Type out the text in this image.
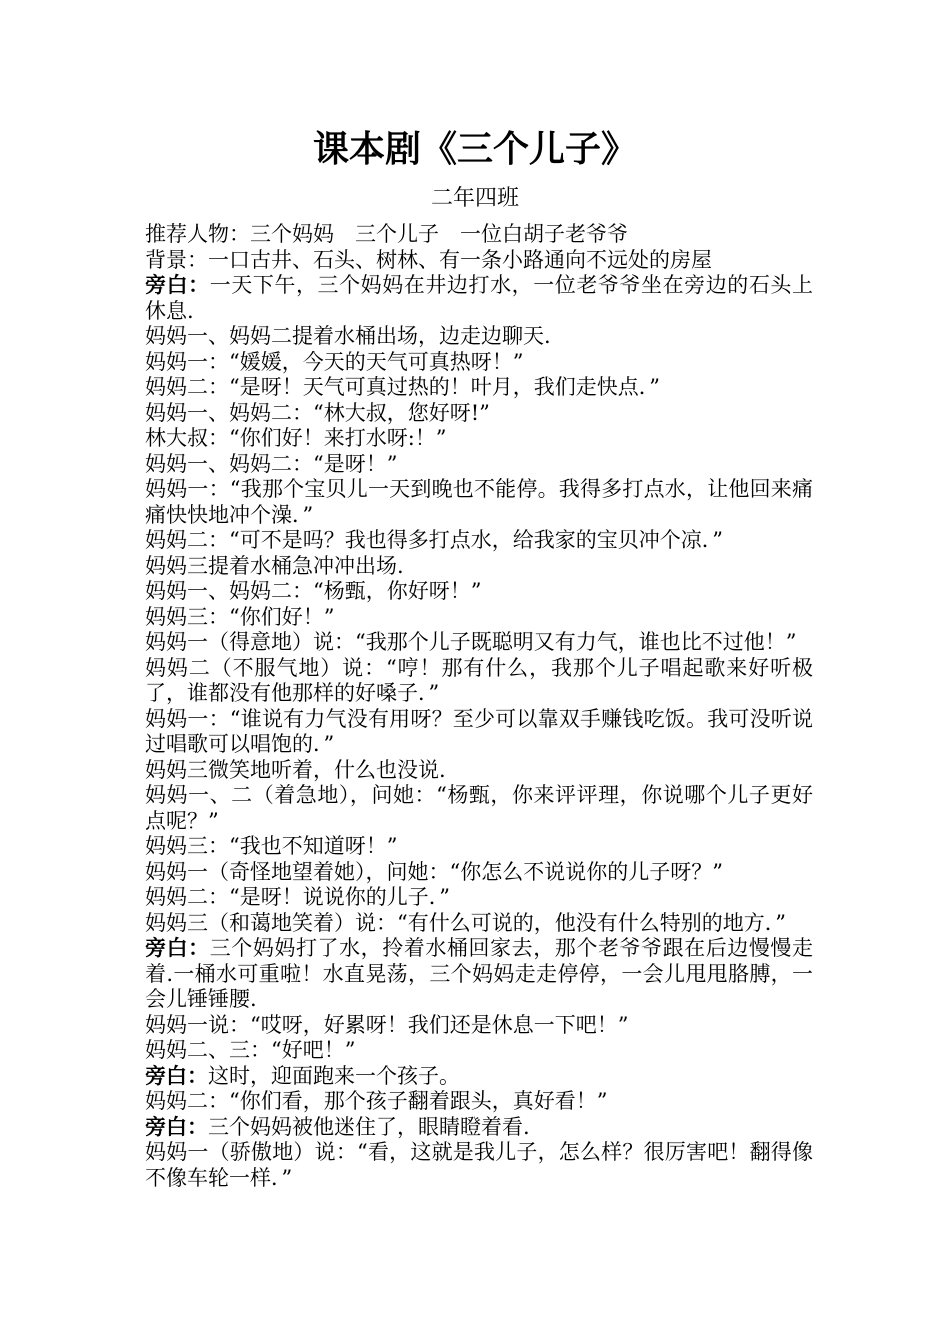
课本剧《三个儿子》
二年四班

推荐人物：三个妈妈　三个儿子　一位白胡子老爷爷

背景：一口古井、石头、树林、有一条小路通向不远处的房屋

旁白：一天下午，三个妈妈在井边打水，一位老爷爷坐在旁边的石头上休息.

妈妈一、妈妈二提着水桶出场，边走边聊天.

妈妈一：“媛媛，今天的天气可真热呀！”

妈妈二：“是呀！天气可真过热的！叶月，我们走快点．”

妈妈一、妈妈二：“林大叔，您好呀!”

林大叔：“你们好！来打水呀:！”

妈妈一、妈妈二：“是呀！”

妈妈一：“我那个宝贝儿一天到晚也不能停。我得多打点水，让他回来痛痛快快地冲个澡．”

妈妈二：“可不是吗？我也得多打点水，给我家的宝贝冲个凉．”

妈妈三提着水桶急冲冲出场.

妈妈一、妈妈二：“杨甄，你好呀！”

妈妈三：“你们好！”

妈妈一（得意地）说：“我那个儿子既聪明又有力气，谁也比不过他！”

妈妈二（不服气地）说：“哼！那有什么，我那个儿子唱起歌来好听极了，谁都没有他那样的好嗓子．”

妈妈一：“谁说有力气没有用呀？至少可以靠双手赚钱吃饭。我可没听说过唱歌可以唱饱的．”

妈妈三微笑地听着，什么也没说.

妈妈一、二（着急地），问她：“杨甄，你来评评理，你说哪个儿子更好点呢？”

妈妈三：“我也不知道呀！”

妈妈一（奇怪地望着她），问她：“你怎么不说说你的儿子呀？”

妈妈二：“是呀！说说你的儿子．”

妈妈三（和蔼地笑着）说：“有什么可说的，他没有什么特别的地方．”

旁白：三个妈妈打了水，拎着水桶回家去，那个老爷爷跟在后边慢慢走着.一桶水可重啦！水直晃荡，三个妈妈走走停停，一会儿甩甩胳膊，一会儿锤锤腰.

妈妈一说：“哎呀，好累呀！我们还是休息一下吧！”

妈妈二、三：“好吧！”

旁白：这时，迎面跑来一个孩子。

妈妈二：“你们看，那个孩子翻着跟头，真好看！”

旁白：三个妈妈被他迷住了，眼睛瞪着看.

妈妈一（骄傲地）说：“看，这就是我儿子，怎么样？很厉害吧！翻得像不像车轮一样．”
